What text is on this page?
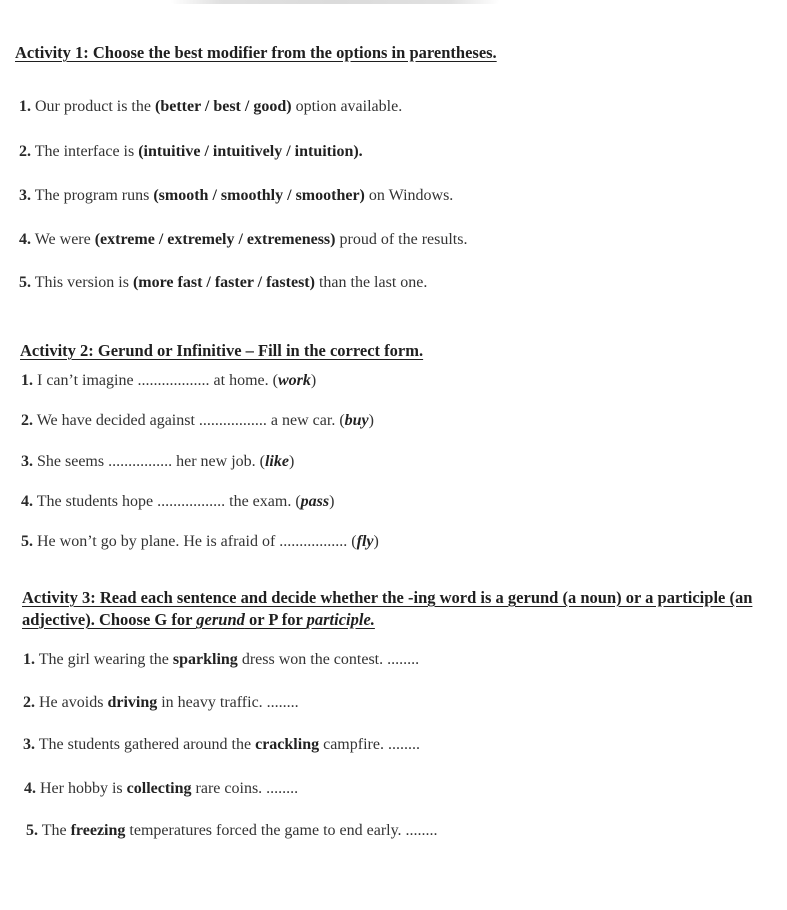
Activity 1: Choose the best modifier from the options in parentheses.
1. Our product is the (better / best / good) option available.
2. The interface is (intuitive / intuitively / intuition).
3. The program runs (smooth / smoothly / smoother) on Windows.
4. We were (extreme / extremely / extremeness) proud of the results.
5. This version is (more fast / faster / fastest) than the last one.
Activity 2: Gerund or Infinitive – Fill in the correct form.
1. I can’t imagine .................. at home. (work)
2. We have decided against ................. a new car. (buy)
3. She seems ................ her new job. (like)
4. The students hope ................. the exam. (pass)
5. He won’t go by plane. He is afraid of ................. (fly)
Activity 3: Read each sentence and decide whether the -ing word is a gerund (a noun) or a participle (an adjective). Choose G for gerund or P for participle.
1. The girl wearing the sparkling dress won the contest. ........
2. He avoids driving in heavy traffic. ........
3. The students gathered around the crackling campfire. ........
4. Her hobby is collecting rare coins. ........
5. The freezing temperatures forced the game to end early. ........
